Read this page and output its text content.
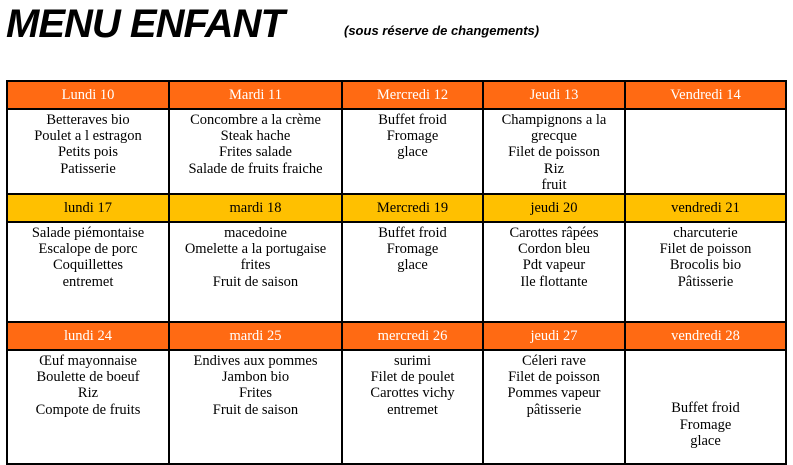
MENU ENFANT	(sous réserve de changements)
Lundi 10	Mardi 11	Mercredi 12	Jeudi 13	Vendredi 14

Betteraves bio
Poulet a l estragon
Petits pois
Patisserie	Concombre a la crème
Steak hache
Frites salade
Salade de fruits fraiche	Buffet froid
Fromage
glace	Champignons a la
grecque
Filet de poisson
Riz
fruit	

lundi 17	mardi 18	Mercredi 19	jeudi 20	vendredi 21

Salade piémontaise
Escalope de porc
Coquillettes
entremet	macedoine
Omelette a la portugaise
frites
Fruit de saison	Buffet froid
Fromage
glace	Carottes râpées
Cordon bleu
Pdt vapeur
Ile flottante	charcuterie
Filet de poisson
Brocolis bio
Pâtisserie

lundi 24	mardi 25	mercredi 26	jeudi 27	vendredi 28

Œuf mayonnaise
Boulette de boeuf
Riz
Compote de fruits	Endives aux pommes
Jambon bio
Frites
Fruit de saison	surimi
Filet de poulet
Carottes vichy
entremet	Céleri rave
Filet de poisson
Pommes vapeur
pâtisserie	Buffet froid
Fromage
glace
